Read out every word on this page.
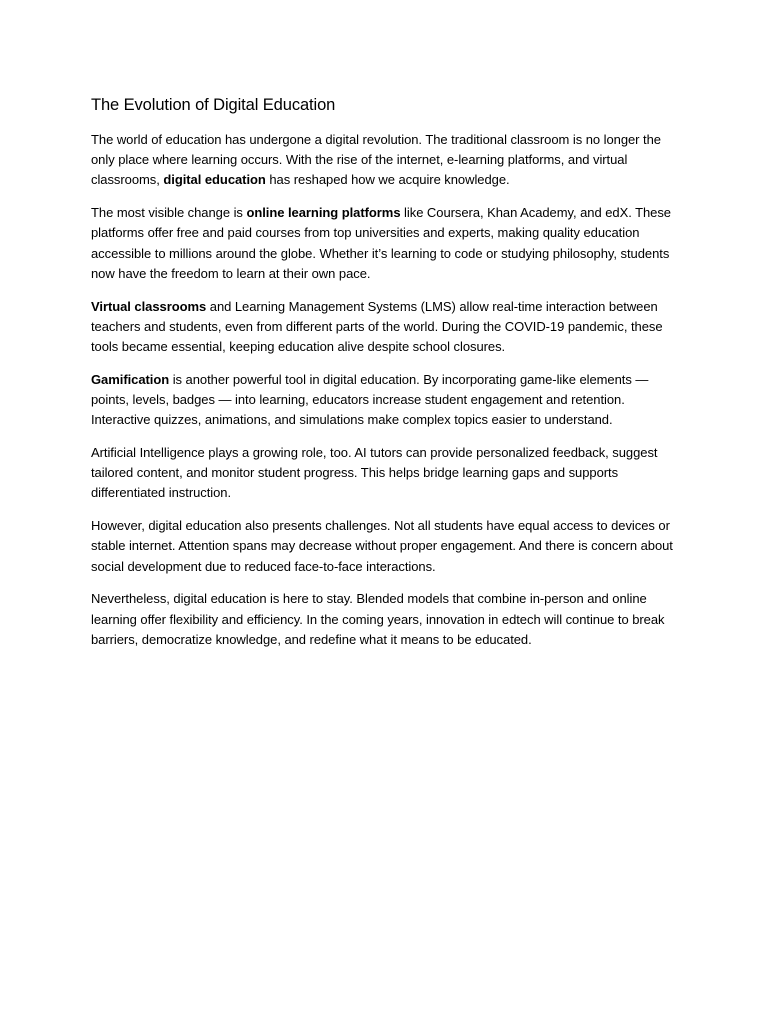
The Evolution of Digital Education

The world of education has undergone a digital revolution. The traditional classroom is no longer the only place where learning occurs. With the rise of the internet, e-learning platforms, and virtual classrooms, digital education has reshaped how we acquire knowledge.

The most visible change is online learning platforms like Coursera, Khan Academy, and edX. These platforms offer free and paid courses from top universities and experts, making quality education accessible to millions around the globe. Whether it’s learning to code or studying philosophy, students now have the freedom to learn at their own pace.

Virtual classrooms and Learning Management Systems (LMS) allow real-time interaction between teachers and students, even from different parts of the world. During the COVID-19 pandemic, these tools became essential, keeping education alive despite school closures.

Gamification is another powerful tool in digital education. By incorporating game-like elements — points, levels, badges — into learning, educators increase student engagement and retention. Interactive quizzes, animations, and simulations make complex topics easier to understand.

Artificial Intelligence plays a growing role, too. AI tutors can provide personalized feedback, suggest tailored content, and monitor student progress. This helps bridge learning gaps and supports differentiated instruction.

However, digital education also presents challenges. Not all students have equal access to devices or stable internet. Attention spans may decrease without proper engagement. And there is concern about social development due to reduced face-to-face interactions.

Nevertheless, digital education is here to stay. Blended models that combine in-person and online learning offer flexibility and efficiency. In the coming years, innovation in edtech will continue to break barriers, democratize knowledge, and redefine what it means to be educated.
